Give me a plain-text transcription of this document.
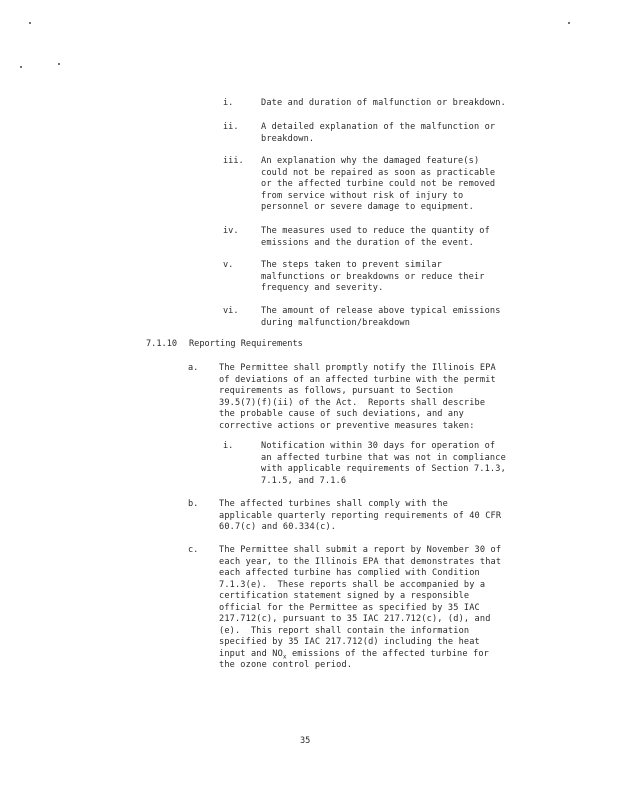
i.	Date and duration of malfunction or breakdown.
ii.	A detailed explanation of the malfunction or
breakdown.
iii. An explanation why the damaged feature(s)
could not be repaired as soon as practicable
or the affected turbine could not be removed
from service without risk of injury to
personnel or severe damage to equipment.
iv.	The measures used to reduce the quantity of
emissions and the duration of the event.
v.	The steps taken to prevent similar
malfunctions or breakdowns or reduce their
frequency and severity.
vi.	The amount of release above typical emissions
during malfunction/breakdown
7.1.10 Reporting Requirements
a. The Permittee shall promptly notify the Illinois EPA
of deviations of an affected turbine with the permit
requirements as follows, pursuant to Section
39.5(7)(f)(ii) of the Act.  Reports shall describe
the probable cause of such deviations, and any
corrective actions or preventive measures taken:
i.	Notification within 30 days for operation of
an affected turbine that was not in compliance
with applicable requirements of Section 7.1.3,
7.1.5, and 7.1.6
b. The affected turbines shall comply with the
applicable quarterly reporting requirements of 40 CFR
60.7(c) and 60.334(c).
c. The Permittee shall submit a report by November 30 of
each year, to the Illinois EPA that demonstrates that
each affected turbine has complied with Condition
7.1.3(e).  These reports shall be accompanied by a
certification statement signed by a responsible
official for the Permittee as specified by 35 IAC
217.712(c), pursuant to 35 IAC 217.712(c), (d), and
(e).  This report shall contain the information
specified by 35 IAC 217.712(d) including the heat
input and $NO_x$ emissions of the affected turbine for
the ozone control period.
35
